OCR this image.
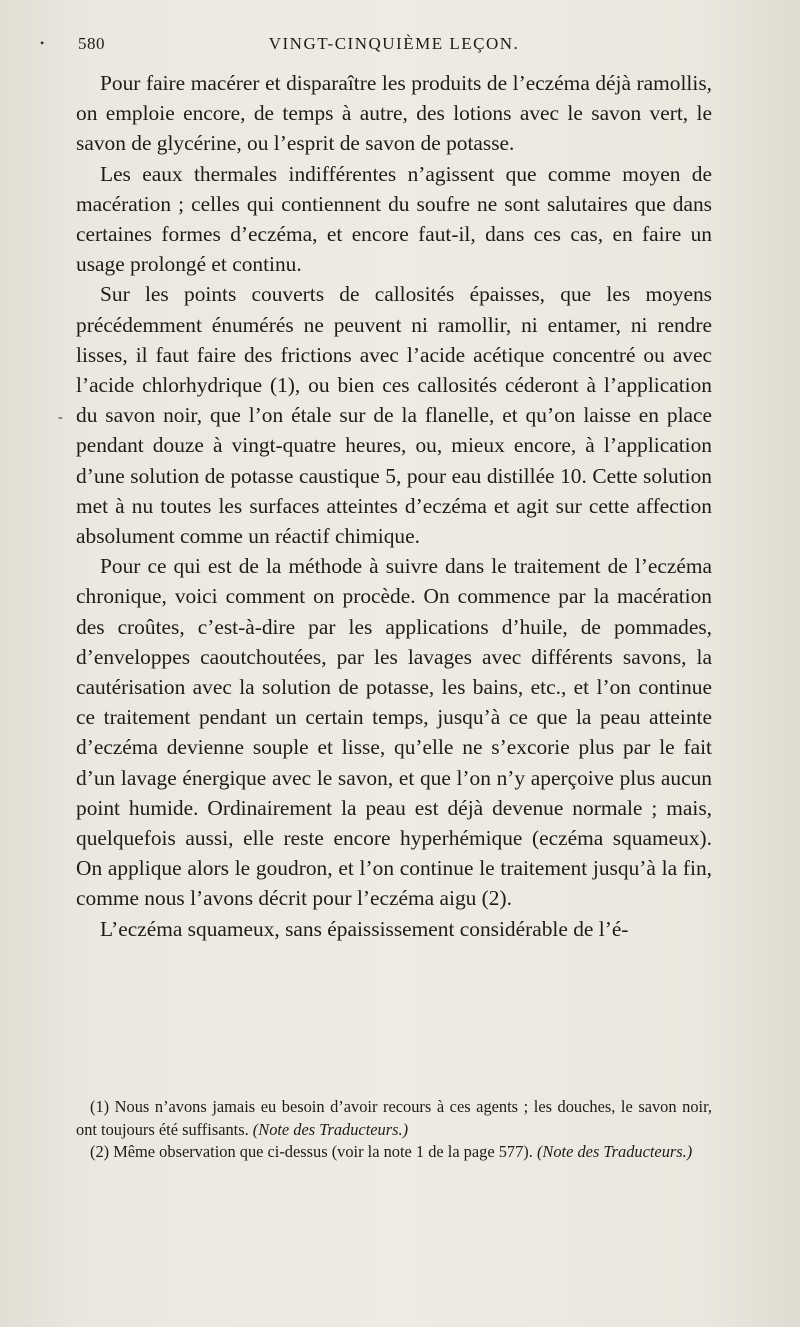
• 580	VINGT-CINQUIÈME LEÇON.

Pour faire macérer et disparaître les produits de l’eczéma déjà ramollis, on emploie encore, de temps à autre, des lotions avec le savon vert, le savon de glycérine, ou l’esprit de savon de potasse.

Les eaux thermales indifférentes n’agissent que comme moyen de macération ; celles qui contiennent du soufre ne sont salutaires que dans certaines formes d’eczéma, et encore faut-il, dans ces cas, en faire un usage prolongé et continu.

Sur les points couverts de callosités épaisses, que les moyens précédemment énumérés ne peuvent ni ramollir, ni entamer, ni rendre lisses, il faut faire des frictions avec l’acide acétique concentré ou avec l’acide chlorhydrique (1), ou bien ces callosités céderont à l’application du savon noir, que l’on étale sur de la flanelle, et qu’on laisse en place pendant douze à vingt-quatre heures, ou, mieux encore, à l’application d’une solution de potasse caustique 5, pour eau distillée 10. Cette solution met à nu toutes les surfaces atteintes d’eczéma et agit sur cette affection absolument comme un réactif chimique.

Pour ce qui est de la méthode à suivre dans le traitement de l’eczéma chronique, voici comment on procède. On commence par la macération des croûtes, c’est-à-dire par les applications d’huile, de pommades, d’enveloppes caoutchoutées, par les lavages avec différents savons, la cautérisation avec la solution de potasse, les bains, etc., et l’on continue ce traitement pendant un certain temps, jusqu’à ce que la peau atteinte d’eczéma devienne souple et lisse, qu’elle ne s’excorie plus par le fait d’un lavage énergique avec le savon, et que l’on n’y aperçoive plus aucun point humide. Ordinairement la peau est déjà devenue normale ; mais, quelquefois aussi, elle reste encore hyperhémique (eczéma squameux). On applique alors le goudron, et l’on continue le traitement jusqu’à la fin, comme nous l’avons décrit pour l’eczéma aigu (2).

L’eczéma squameux, sans épaississement considérable de l’é-

-

(1) Nous n’avons jamais eu besoin d’avoir recours à ces agents ; les douches, le savon noir, ont toujours été suffisants. (Note des Traducteurs.)

(2) Même observation que ci-dessus (voir la note 1 de la page 577). (Note des Traducteurs.)
